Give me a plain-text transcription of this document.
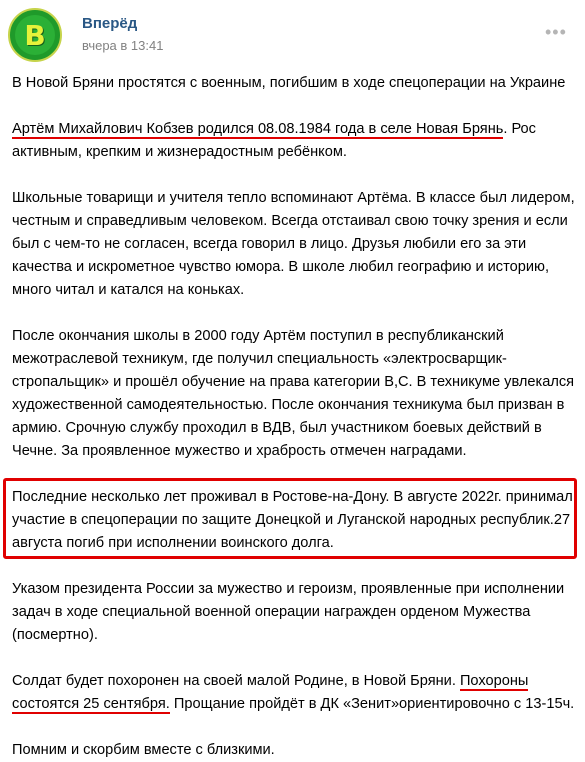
B	Вперёд
вчера в 13:41
•••

В Новой Бряни простятся с военным, погибшим в ходе спецоперации на Украине

Артём Михайлович Кобзев родился 08.08.1984 года в селе Новая Брянь. Рос
активным, крепким и жизнерадостным ребёнком.

Школьные товарищи и учителя тепло вспоминают Артёма. В классе был лидером,
честным и справедливым человеком. Всегда отстаивал свою точку зрения и если
был с чем-то не согласен, всегда говорил в лицо. Друзья любили его за эти
качества и искрометное чувство юмора. В школе любил географию и историю,
много читал и катался на коньках.

После окончания школы в 2000 году Артём поступил в республиканский
межотраслевой техникум, где получил специальность «электросварщик-
стропальщик» и прошёл обучение на права категории В,С. В техникуме увлекался
художественной самодеятельностью. После окончания техникума был призван в
армию. Срочную службу проходил в ВДВ, был участником боевых действий в
Чечне. За проявленное мужество и храбрость отмечен наградами.

Последние несколько лет проживал в Ростове-на-Дону. В августе 2022г. принимал
участие в спецоперации по защите Донецкой и Луганской народных республик.27
августа погиб при исполнении воинского долга.

Указом президента России за мужество и героизм, проявленные при исполнении
задач в ходе специальной военной операции награжден орденом Мужества
(посмертно).

Солдат будет похоронен на своей малой Родине, в Новой Бряни. Похороны
состоятся 25 сентября. Прощание пройдёт в ДК «Зенит»ориентировочно с 13-15ч.

Помним и скорбим вместе с близкими.
